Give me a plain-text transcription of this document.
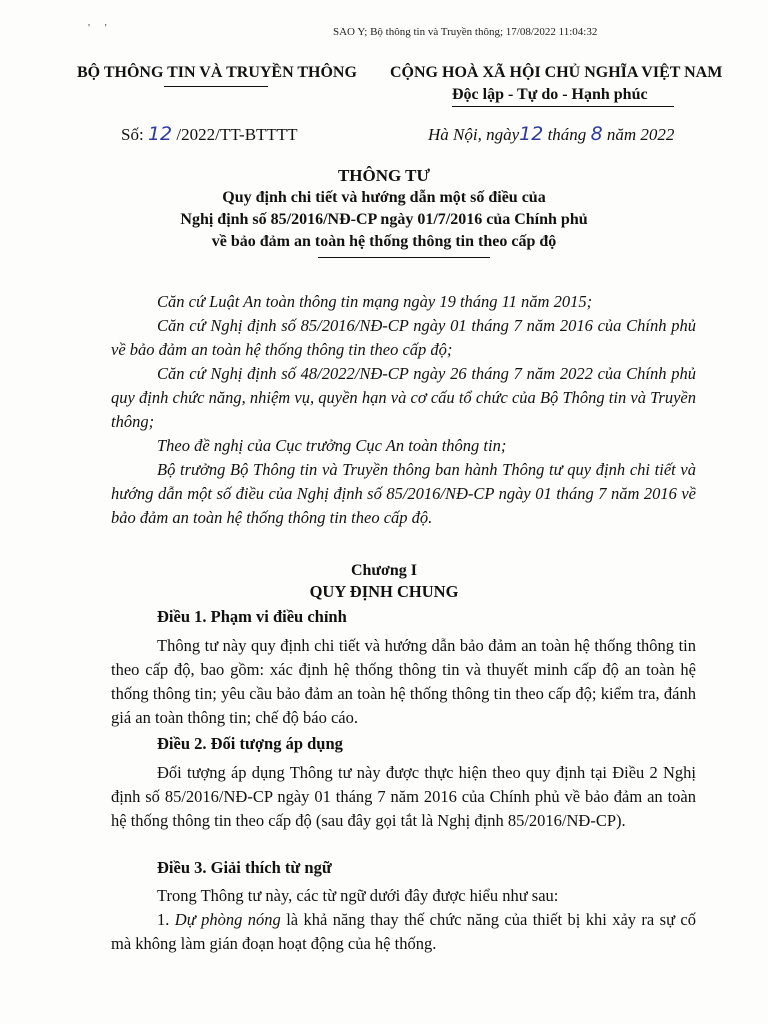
' '	SAO Y; Bộ thông tin và Truyền thông; 17/08/2022 11:04:32
BỘ THÔNG TIN VÀ TRUYỀN THÔNG CỘNG HOÀ XÃ HỘI CHỦ NGHĨA VIỆT NAM
Độc lập - Tự do - Hạnh phúc
Số: 12 /2022/TT-BTTTT	Hà Nội, ngày12 tháng 8 năm 2022
THÔNG TƯ
Quy định chi tiết và hướng dẫn một số điều của
Nghị định số 85/2016/NĐ-CP ngày 01/7/2016 của Chính phủ
về bảo đảm an toàn hệ thống thông tin theo cấp độ

Căn cứ Luật An toàn thông tin mạng ngày 19 tháng 11 năm 2015;

Căn cứ Nghị định số 85/2016/NĐ-CP ngày 01 tháng 7 năm 2016 của Chính phủ về bảo đảm an toàn hệ thống thông tin theo cấp độ;

Căn cứ Nghị định số 48/2022/NĐ-CP ngày 26 tháng 7 năm 2022 của Chính phủ quy định chức năng, nhiệm vụ, quyền hạn và cơ cấu tổ chức của Bộ Thông tin và Truyền thông;

Theo đề nghị của Cục trưởng Cục An toàn thông tin;

Bộ trưởng Bộ Thông tin và Truyền thông ban hành Thông tư quy định chi tiết và hướng dẫn một số điều của Nghị định số 85/2016/NĐ-CP ngày 01 tháng 7 năm 2016 về bảo đảm an toàn hệ thống thông tin theo cấp độ.

Chương I
QUY ĐỊNH CHUNG
Điều 1. Phạm vi điều chỉnh

Thông tư này quy định chi tiết và hướng dẫn bảo đảm an toàn hệ thống thông tin theo cấp độ, bao gồm: xác định hệ thống thông tin và thuyết minh cấp độ an toàn hệ thống thông tin; yêu cầu bảo đảm an toàn hệ thống thông tin theo cấp độ; kiểm tra, đánh giá an toàn thông tin; chế độ báo cáo.

Điều 2. Đối tượng áp dụng

Đối tượng áp dụng Thông tư này được thực hiện theo quy định tại Điều 2 Nghị định số 85/2016/NĐ-CP ngày 01 tháng 7 năm 2016 của Chính phủ về bảo đảm an toàn hệ thống thông tin theo cấp độ (sau đây gọi tắt là Nghị định 85/2016/NĐ-CP).

Điều 3. Giải thích từ ngữ

Trong Thông tư này, các từ ngữ dưới đây được hiểu như sau:

1. Dự phòng nóng là khả năng thay thế chức năng của thiết bị khi xảy ra sự cố mà không làm gián đoạn hoạt động của hệ thống.
